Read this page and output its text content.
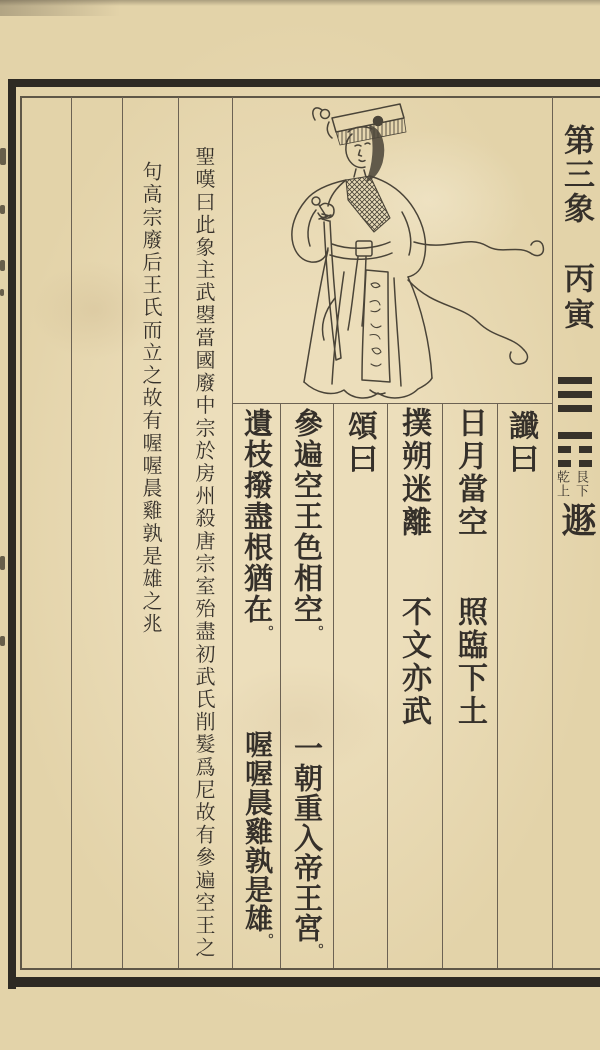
第三象
丙寅
艮下
乾上
遯
讖曰
日月當空
照臨下土
撲朔迷離
不文亦武
頌曰
參遍空王色相空。
一朝重入帝王宮。
遺枝撥盡根猶在。
喔喔晨雞孰是雄。
聖嘆曰此象主武曌當國廢中宗於房州殺唐宗室殆盡初武氏削髮爲尼故有參遍空王之
句高宗廢后王氏而立之故有喔喔晨雞孰是雄之兆
